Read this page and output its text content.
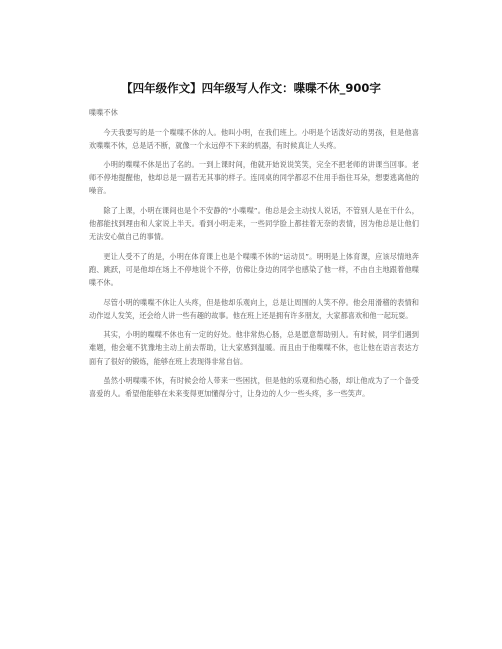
【四年级作文】四年级写人作文：喋喋不休_900字
喋喋不休

今天我要写的是一个喋喋不休的人。他叫小明，在我们班上。小明是个话泼好动的男孩，但是他喜欢喋喋不休，总是话不断，就像一个永远停不下来的机器，有时候真让人头疼。

小明的喋喋不休是出了名的。一到上课时间，他就开始说说笑笑，完全不把老师的讲课当回事。老师不停地提醒他，他却总是一副若无其事的样子。连同桌的同学都忍不住用手指住耳朵，想要逃离他的噪音。

除了上课，小明在课间也是个不安静的“小喋喋”。他总是会主动找人说话，不管别人是在干什么，他都能找到理由和人家说上半天。看到小明走来，一些同学脸上都挂着无奈的表情，因为他总是让他们无法安心做自己的事情。

更让人受不了的是，小明在体育课上也是个喋喋不休的“运动员”。明明是上体育课，应该尽情地奔跑、跳跃，可是他却在场上不停地说个不停，仿佛让身边的同学也感染了他一样，不由自主地跟着他喋喋不休。

尽管小明的喋喋不休让人头疼，但是他却乐观向上，总是让周围的人笑不停。他会用滑稽的表情和动作逗人发笑，还会给人讲一些有趣的故事。他在班上还是拥有许多朋友，大家都喜欢和他一起玩耍。

其实，小明的喋喋不休也有一定的好处。他非常热心肠，总是愿意帮助别人。有时候，同学们遇到难题，他会毫不犹豫地主动上前去帮助，让大家感到温暖。而且由于他喋喋不休，也让他在语言表达方面有了很好的锻炼，能够在班上表现得非常自信。

虽然小明喋喋不休，有时候会给人带来一些困扰，但是他的乐观和热心肠，却让他成为了一个备受喜爱的人。希望他能够在未来变得更加懂得分寸，让身边的人少一些头疼，多一些笑声。
